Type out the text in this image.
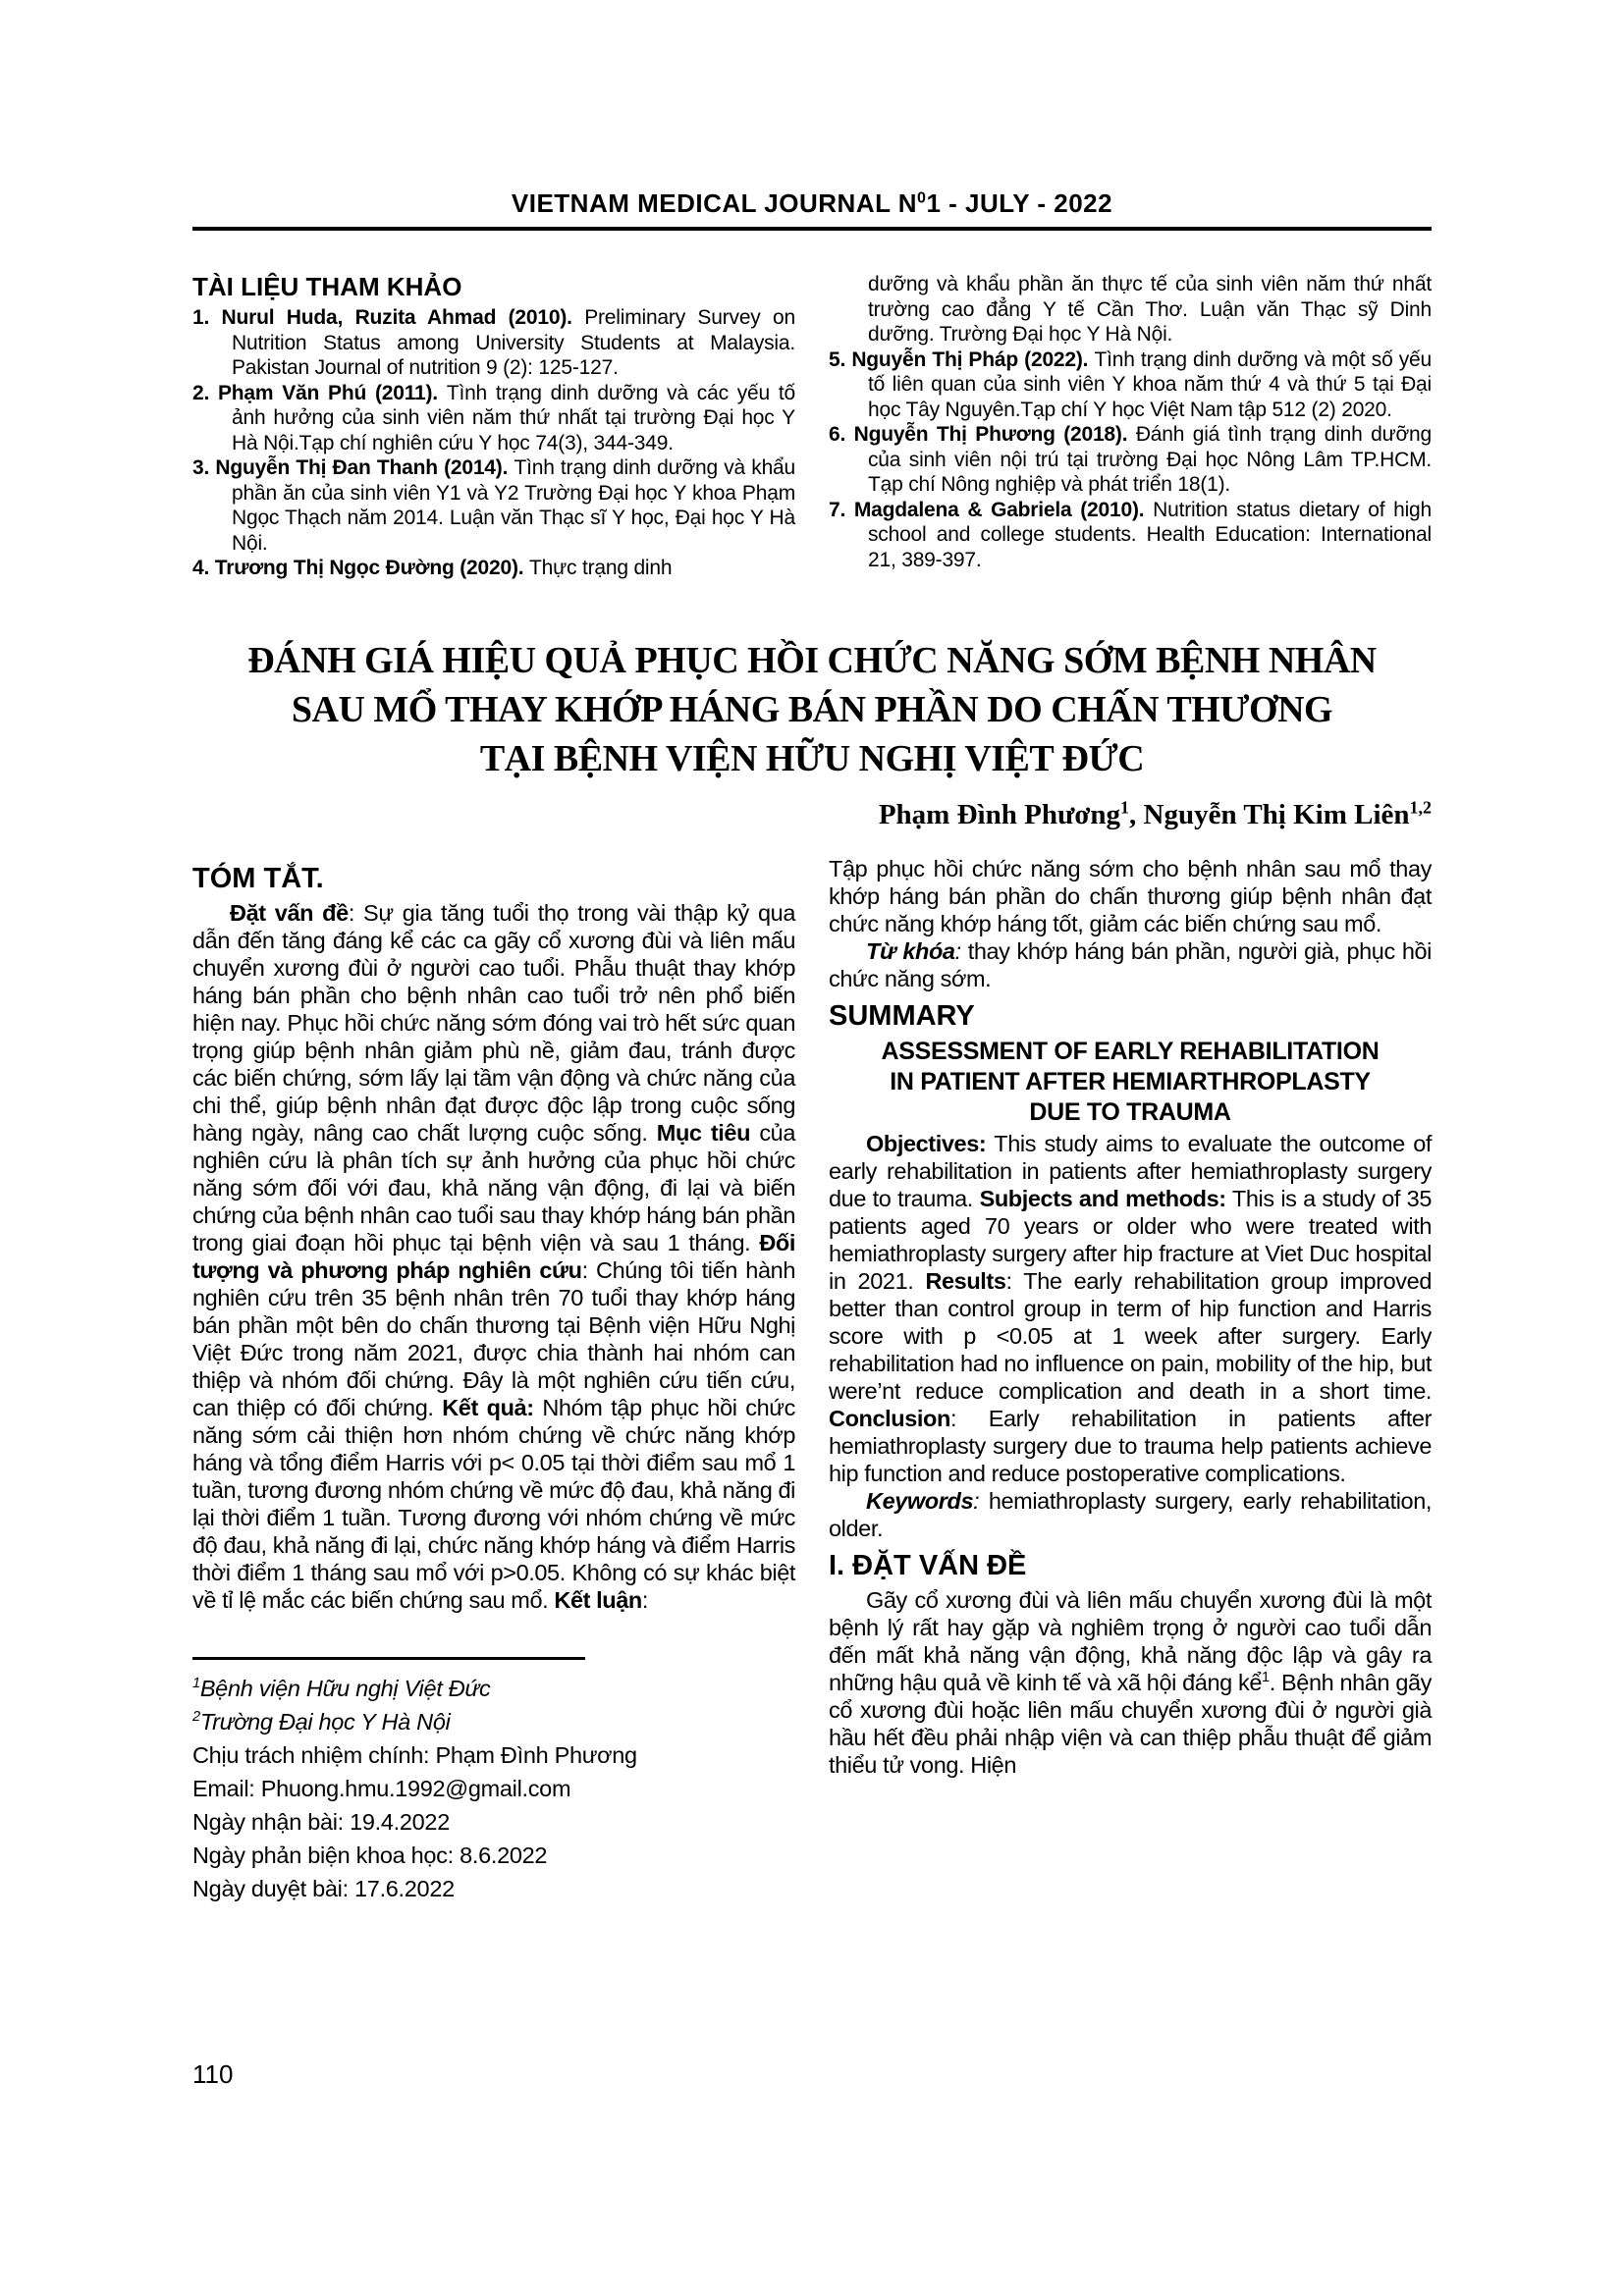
VIETNAM MEDICAL JOURNAL $N^01$ - JULY - 2022
TÀI LIỆU THAM KHẢO
1. Nurul Huda, Ruzita Ahmad (2010). Preliminary Survey on Nutrition Status among University Students at Malaysia. Pakistan Journal of nutrition 9 (2): 125-127.
2. Phạm Văn Phú (2011). Tình trạng dinh dưỡng và các yếu tố ảnh hưởng của sinh viên năm thứ nhất tại trường Đại học Y Hà Nội.Tạp chí nghiên cứu Y học 74(3), 344-349.
3. Nguyễn Thị Đan Thanh (2014). Tình trạng dinh dưỡng và khẩu phần ăn của sinh viên Y1 và Y2 Trường Đại học Y khoa Phạm Ngọc Thạch năm 2014. Luận văn Thạc sĩ Y học, Đại học Y Hà Nội.
4. Trương Thị Ngọc Đường (2020). Thực trạng dinh

dưỡng và khẩu phần ăn thực tế của sinh viên năm thứ nhất trường cao đẳng Y tế Cần Thơ. Luận văn Thạc sỹ Dinh dưỡng. Trường Đại học Y Hà Nội.

5. Nguyễn Thị Pháp (2022). Tình trạng dinh dưỡng và một số yếu tố liên quan của sinh viên Y khoa năm thứ 4 và thứ 5 tại Đại học Tây Nguyên.Tạp chí Y học Việt Nam tập 512 (2) 2020.
6. Nguyễn Thị Phương (2018). Đánh giá tình trạng dinh dưỡng của sinh viên nội trú tại trường Đại học Nông Lâm TP.HCM. Tạp chí Nông nghiệp và phát triển 18(1).
7. Magdalena & Gabriela (2010). Nutrition status dietary of high school and college students. Health Education: International 21, 389-397.
ĐÁNH GIÁ HIỆU QUẢ PHỤC HỒI CHỨC NĂNG SỚM BỆNH NHÂN
SAU MỔ THAY KHỚP HÁNG BÁN PHẦN DO CHẤN THƯƠNG
TẠI BỆNH VIỆN HỮU NGHỊ VIỆT ĐỨC
Phạm Đình Phương$^1$, Nguyễn Thị Kim Liên$^{1,2}$
TÓM TẮT.

Đặt vấn đề: Sự gia tăng tuổi thọ trong vài thập kỷ qua dẫn đến tăng đáng kể các ca gãy cổ xương đùi và liên mấu chuyển xương đùi ở người cao tuổi. Phẫu thuật thay khớp háng bán phần cho bệnh nhân cao tuổi trở nên phổ biến hiện nay. Phục hồi chức năng sớm đóng vai trò hết sức quan trọng giúp bệnh nhân giảm phù nề, giảm đau, tránh được các biến chứng, sớm lấy lại tầm vận động và chức năng của chi thể, giúp bệnh nhân đạt được độc lập trong cuộc sống hàng ngày, nâng cao chất lượng cuộc sống. Mục tiêu của nghiên cứu là phân tích sự ảnh hưởng của phục hồi chức năng sớm đối với đau, khả năng vận động, đi lại và biến chứng của bệnh nhân cao tuổi sau thay khớp háng bán phần trong giai đoạn hồi phục tại bệnh viện và sau 1 tháng. Đối tượng và phương pháp nghiên cứu: Chúng tôi tiến hành nghiên cứu trên 35 bệnh nhân trên 70 tuổi thay khớp háng bán phần một bên do chấn thương tại Bệnh viện Hữu Nghị Việt Đức trong năm 2021, được chia thành hai nhóm can thiệp và nhóm đối chứng. Đây là một nghiên cứu tiến cứu, can thiệp có đối chứng. Kết quả: Nhóm tập phục hồi chức năng sớm cải thiện hơn nhóm chứng về chức năng khớp háng và tổng điểm Harris với p< 0.05 tại thời điểm sau mổ 1 tuần, tương đương nhóm chứng về mức độ đau, khả năng đi lại thời điểm 1 tuần. Tương đương với nhóm chứng về mức độ đau, khả năng đi lại, chức năng khớp háng và điểm Harris thời điểm 1 tháng sau mổ với p>0.05. Không có sự khác biệt về tỉ lệ mắc các biến chứng sau mổ. Kết luận:

$^1$Bệnh viện Hữu nghị Việt Đức
$^2$Trường Đại học Y Hà Nội
Chịu trách nhiệm chính: Phạm Đình Phương
Email: Phuong.hmu.1992@gmail.com
Ngày nhận bài: 19.4.2022
Ngày phản biện khoa học: 8.6.2022
Ngày duyệt bài: 17.6.2022

Tập phục hồi chức năng sớm cho bệnh nhân sau mổ thay khớp háng bán phần do chấn thương giúp bệnh nhân đạt chức năng khớp háng tốt, giảm các biến chứng sau mổ.

Từ khóa: thay khớp háng bán phần, người già, phục hồi chức năng sớm.

SUMMARY
ASSESSMENT OF EARLY REHABILITATION
IN PATIENT AFTER HEMIARTHROPLASTY
DUE TO TRAUMA

Objectives: This study aims to evaluate the outcome of early rehabilitation in patients after hemiathroplasty surgery due to trauma. Subjects and methods: This is a study of 35 patients aged 70 years or older who were treated with hemiathroplasty surgery after hip fracture at Viet Duc hospital in 2021. Results: The early rehabilitation group improved better than control group in term of hip function and Harris score with p <0.05 at 1 week after surgery. Early rehabilitation had no influence on pain, mobility of the hip, but were’nt reduce complication and death in a short time. Conclusion: Early rehabilitation in patients after hemiathroplasty surgery due to trauma help patients achieve hip function and reduce postoperative complications.

Keywords: hemiathroplasty surgery, early rehabilitation, older.

I. ĐẶT VẤN ĐỀ

Gãy cổ xương đùi và liên mấu chuyển xương đùi là một bệnh lý rất hay gặp và nghiêm trọng ở người cao tuổi dẫn đến mất khả năng vận động, khả năng độc lập và gây ra những hậu quả về kinh tế và xã hội đáng kể$^1$. Bệnh nhân gãy cổ xương đùi hoặc liên mấu chuyển xương đùi ở người già hầu hết đều phải nhập viện và can thiệp phẫu thuật để giảm thiểu tử vong. Hiện

110
